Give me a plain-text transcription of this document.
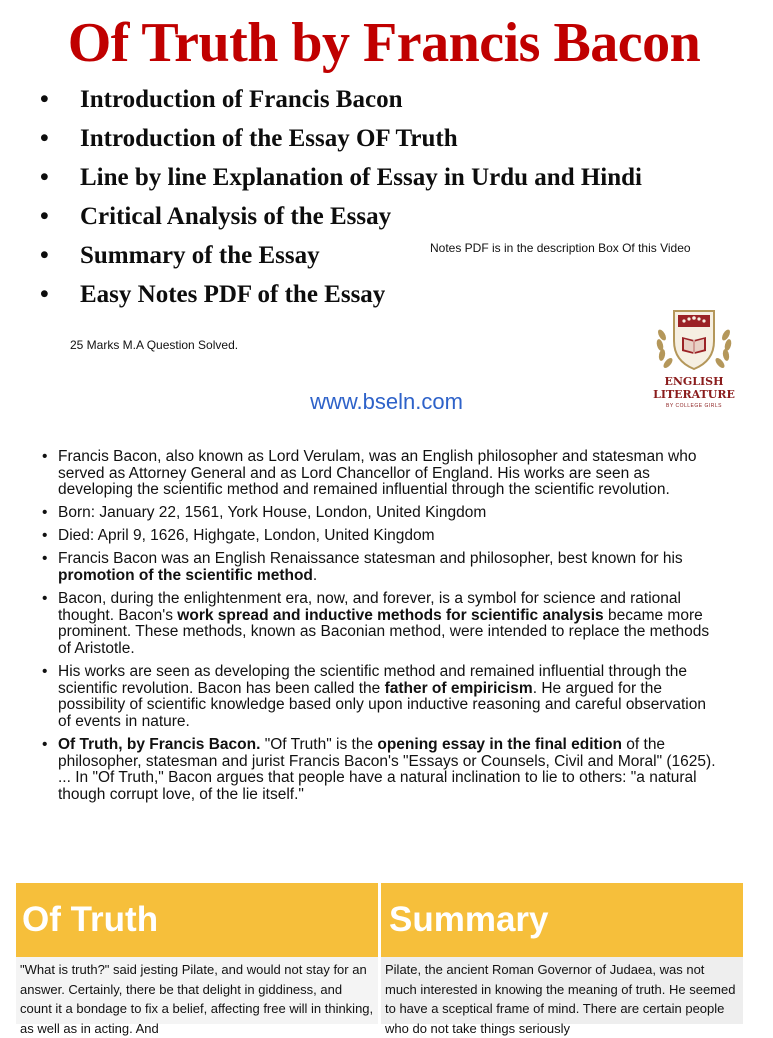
Of Truth by Francis Bacon
• Introduction of Francis Bacon
• Introduction of the Essay OF Truth
• Line by line Explanation of Essay in Urdu and Hindi
• Critical Analysis of the Essay
• Summary of the Essay
• Easy Notes PDF of the Essay
Notes PDF is in the description Box Of this Video
25 Marks M.A Question Solved.
www.bseln.com
ENGLISH
LITERATURE
BY COLLEGE GIRLS
• Francis Bacon, also known as Lord Verulam, was an English philosopher and statesman who served as Attorney General and as Lord Chancellor of England. His works are seen as developing the scientific method and remained influential through the scientific revolution.
• Born: January 22, 1561, York House, London, United Kingdom
• Died: April 9, 1626, Highgate, London, United Kingdom
• Francis Bacon was an English Renaissance statesman and philosopher, best known for his promotion of the scientific method.
• Bacon, during the enlightenment era, now, and forever, is a symbol for science and rational thought. Bacon's work spread and inductive methods for scientific analysis became more prominent. These methods, known as Baconian method, were intended to replace the methods of Aristotle.
• His works are seen as developing the scientific method and remained influential through the scientific revolution. Bacon has been called the father of empiricism. He argued for the possibility of scientific knowledge based only upon inductive reasoning and careful observation of events in nature.
• Of Truth, by Francis Bacon. "Of Truth" is the opening essay in the final edition of the philosopher, statesman and jurist Francis Bacon's "Essays or Counsels, Civil and Moral" (1625). ... In "Of Truth," Bacon argues that people have a natural inclination to lie to others: "a natural though corrupt love, of the lie itself."
Of Truth	Summary
"What is truth?" said jesting Pilate, and would not stay for an answer. Certainly, there be that delight in giddiness, and count it a bondage to fix a belief, affecting free will in thinking, as well as in acting. And
Pilate, the ancient Roman Governor of Judaea, was not much interested in knowing the meaning of truth. He seemed to have a sceptical frame of mind. There are certain people who do not take things seriously
